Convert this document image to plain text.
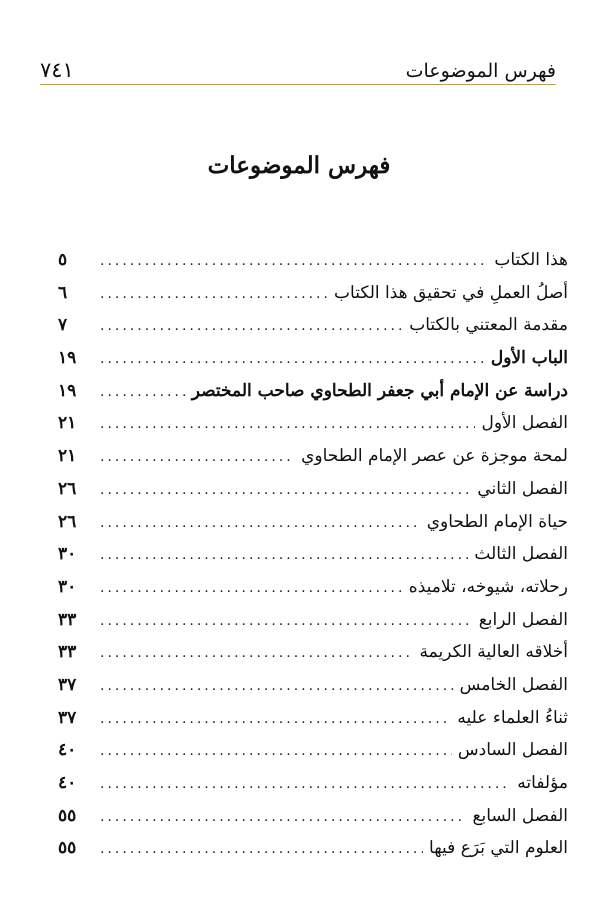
٧٤١	فهرس الموضوعات
فهرس الموضوعات
هذا الكتاب
.....
٥
أصلُ العملِ في تحقيق هذا الكتاب
.....
٦
مقدمة المعتني بالكتاب
.....
٧
الباب الأول
.....
١٩
دراسة عن الإمام أبي جعفر الطحاوي صاحب المختصر
.....
١٩
الفصل الأول
.....
٢١
لمحة موجزة عن عصر الإمام الطحاوي
.....
٢١
الفصل الثاني
.....
٢٦
حياة الإمام الطحاوي
.....
٢٦
الفصل الثالث
.....
٣٠
رحلاته، شيوخه، تلاميذه
.....
٣٠
الفصل الرابع
.....
٣٣
أخلاقه العالية الكريمة
.....
٣٣
الفصل الخامس
.....
٣٧
ثناءُ العلماء عليه
.....
٣٧
الفصل السادس
.....
٤٠
مؤلفاته
.....
٤٠
الفصل السابع
.....
٥٥
العلوم التي بَرَع فيها
.....
٥٥
